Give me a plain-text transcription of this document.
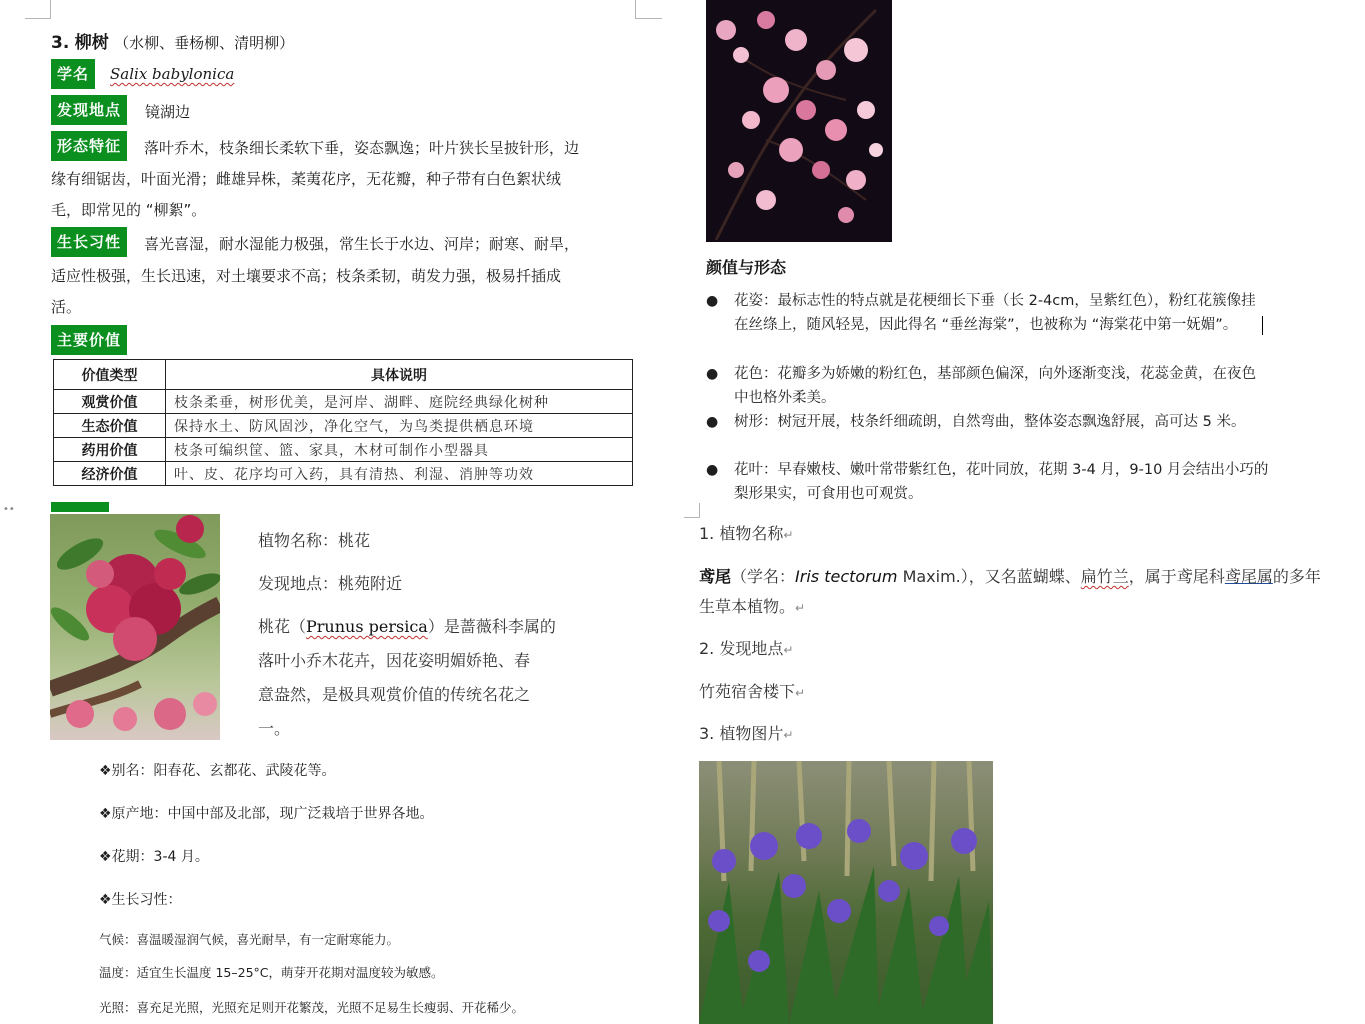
••
3. 柳树 （水柳、垂杨柳、清明柳）
学名	Salix babylonica
发现地点	镜湖边
形态特征	落叶乔木，枝条细长柔软下垂，姿态飘逸；叶片狭长呈披针形，边
缘有细锯齿，叶面光滑；雌雄异株，葇荑花序，无花瓣，种子带有白色絮状绒
毛，即常见的 “柳絮”。
生长习性	喜光喜湿，耐水湿能力极强，常生长于水边、河岸；耐寒、耐旱，
适应性极强，生长迅速，对土壤要求不高；枝条柔韧，萌发力强，极易扦插成
活。
主要价值
价值类型	具体说明
观赏价值	枝条柔垂，树形优美，是河岸、湖畔、庭院经典绿化树种
生态价值	保持水土、防风固沙，净化空气，为鸟类提供栖息环境
药用价值	枝条可编织筐、篮、家具，木材可制作小型器具
经济价值	叶、皮、花序均可入药，具有清热、利湿、消肿等功效
植物名称：桃花
发现地点：桃苑附近
桃花（Prunus persica）是蔷薇科李属的
落叶小乔木花卉，因花姿明媚娇艳、春
意盎然，是极具观赏价值的传统名花之
一。
❖别名：阳春花、玄都花、武陵花等。
❖原产地：中国中部及北部，现广泛栽培于世界各地。
❖花期：3-4 月。
❖生长习性：
气候：喜温暖湿润气候，喜光耐旱，有一定耐寒能力。
温度：适宜生长温度 15–25°C，萌芽开花期对温度较为敏感。
光照：喜充足光照，光照充足则开花繁茂，光照不足易生长瘦弱、开花稀少。
颜值与形态
● 花姿：最标志性的特点就是花梗细长下垂（长 2-4cm，呈紫红色），粉红花簇像挂在丝绦上，随风轻晃，因此得名 “垂丝海棠”，也被称为 “海棠花中第一妩媚”。
● 花色：花瓣多为娇嫩的粉红色，基部颜色偏深，向外逐渐变浅，花蕊金黄，在夜色中也格外柔美。
● 树形：树冠开展，枝条纤细疏朗，自然弯曲，整体姿态飘逸舒展，高可达 5 米。
● 花叶：早春嫩枝、嫩叶常带紫红色，花叶同放，花期 3-4 月，9-10 月会结出小巧的梨形果实，可食用也可观赏。
1. 植物名称↵
鸢尾（学名：Iris tectorum Maxim.），又名蓝蝴蝶、扁竹兰，属于鸢尾科鸢尾属的多年
生草本植物。↵
2. 发现地点↵
竹苑宿舍楼下↵
3. 植物图片↵
